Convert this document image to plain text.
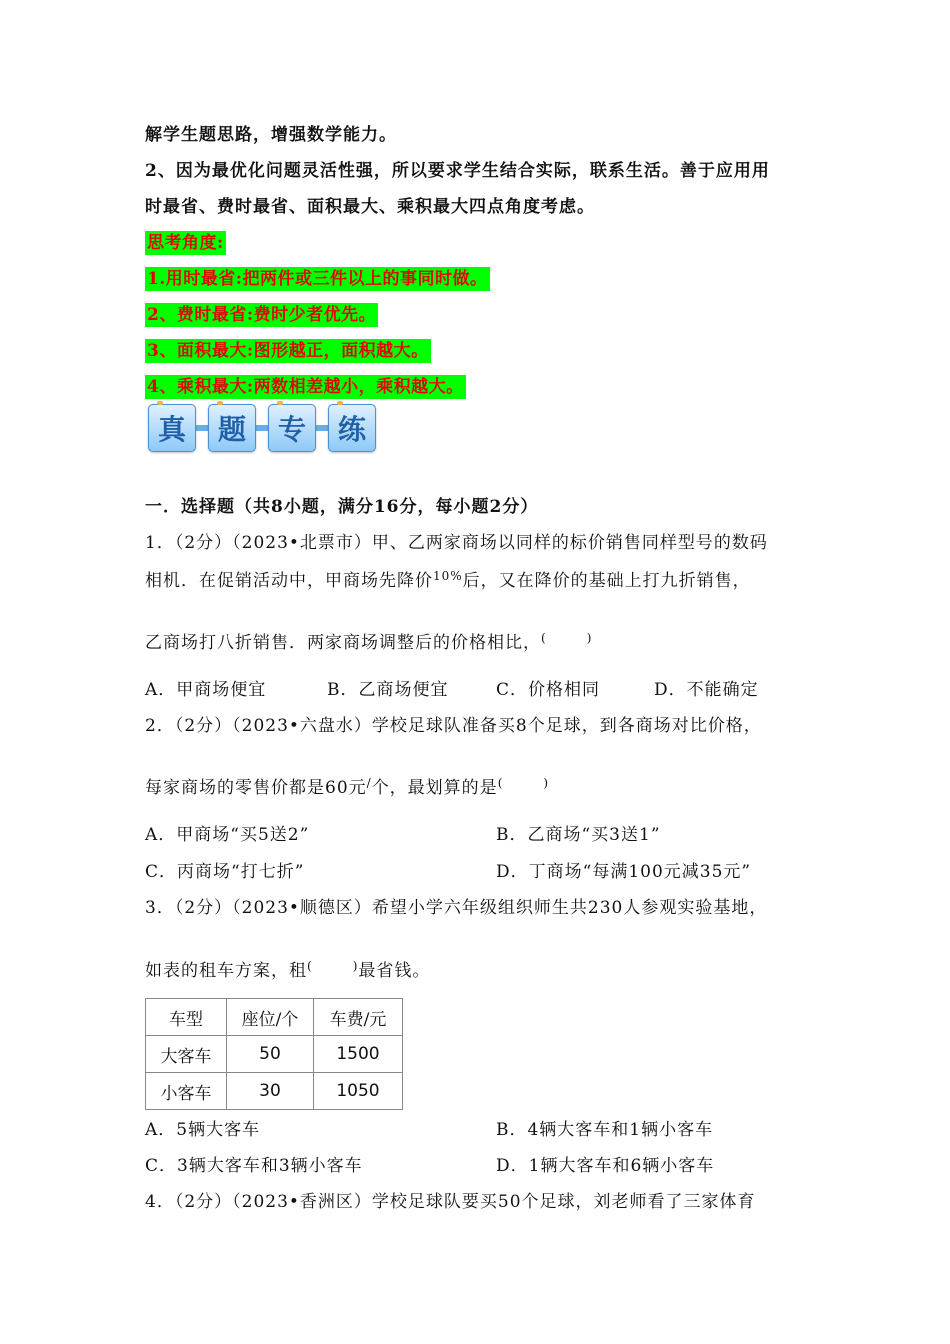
解学生题思路，增强数学能力。
2、因为最优化问题灵活性强，所以要求学生结合实际，联系生活。善于应用用
时最省、费时最省、面积最大、乘积最大四点角度考虑。
思考角度:
1.用时最省:把两件或三件以上的事同时做。
2、费时最省:费时少者优先。
3、面积最大:图形越正，面积越大。
4、乘积最大:两数相差越小，乘积越大。
真 题 专 练
一．选择题（共8小题，满分16分，每小题2分）
1．（2分）（2023•北票市）甲、乙两家商场以同样的标价销售同样型号的数码
相机．在促销活动中，甲商场先降价10%后，又在降价的基础上打九折销售，
乙商场打八折销售．两家商场调整后的价格相比，(	)
A．甲商场便宜	B．乙商场便宜	C．价格相同	D．不能确定
2．（2分）（2023•六盘水）学校足球队准备买8个足球，到各商场对比价格，
每家商场的零售价都是60元/个，最划算的是(	)
A．甲商场“买5送2”	B．乙商场“买3送1”
C．丙商场“打七折”	D．丁商场“每满100元减35元”
3．（2分）（2023•顺德区）希望小学六年级组织师生共230人参观实验基地，
如表的租车方案，租(	)最省钱。
车型	座位/个	车费/元
大客车	50	1500
小客车	30	1050
A．5辆大客车	B．4辆大客车和1辆小客车
C．3辆大客车和3辆小客车	D．1辆大客车和6辆小客车
4．（2分）（2023•香洲区）学校足球队要买50个足球，刘老师看了三家体育
